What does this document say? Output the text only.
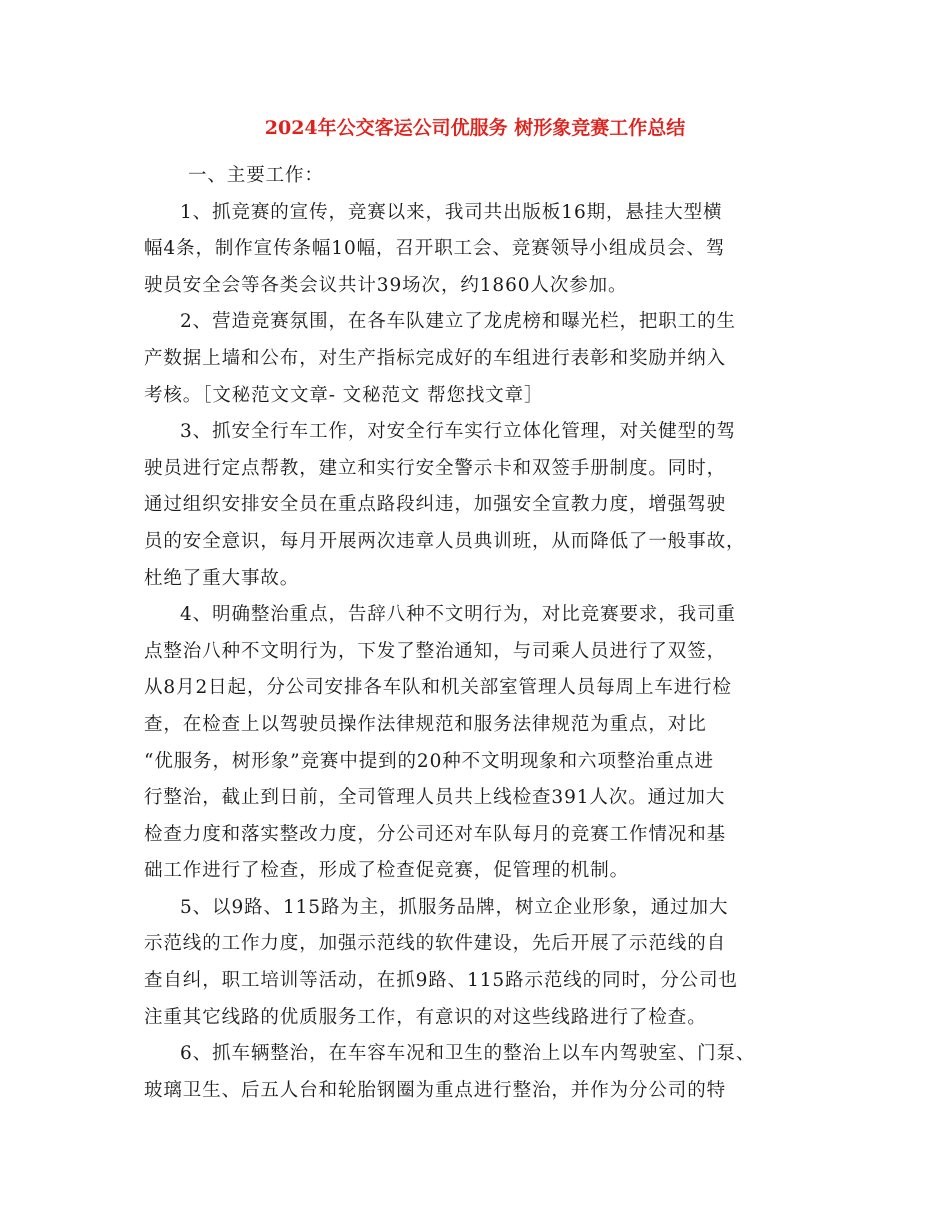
2024年公交客运公司优服务 树形象竞赛工作总结
一、主要工作：
1、抓竞赛的宣传，竞赛以来，我司共出版板16期，悬挂大型横
幅4条，制作宣传条幅10幅，召开职工会、竞赛领导小组成员会、驾
驶员安全会等各类会议共计39场次，约1860人次参加。
2、营造竞赛氛围，在各车队建立了龙虎榜和曝光栏，把职工的生
产数据上墙和公布，对生产指标完成好的车组进行表彰和奖励并纳入
考核。［文秘范文文章- 文秘范文 帮您找文章］
3、抓安全行车工作，对安全行车实行立体化管理，对关健型的驾
驶员进行定点帮教，建立和实行安全警示卡和双签手册制度。同时，
通过组织安排安全员在重点路段纠违，加强安全宣教力度，增强驾驶
员的安全意识，每月开展两次违章人员典训班，从而降低了一般事故，
杜绝了重大事故。
4、明确整治重点，告辞八种不文明行为，对比竞赛要求，我司重
点整治八种不文明行为，下发了整治通知，与司乘人员进行了双签，
从8月2日起，分公司安排各车队和机关部室管理人员每周上车进行检
查，在检查上以驾驶员操作法律规范和服务法律规范为重点，对比
“优服务，树形象”竞赛中提到的20种不文明现象和六项整治重点进
行整治，截止到日前，全司管理人员共上线检查391人次。通过加大
检查力度和落实整改力度，分公司还对车队每月的竞赛工作情况和基
础工作进行了检查，形成了检查促竞赛，促管理的机制。
5、以9路、115路为主，抓服务品牌，树立企业形象，通过加大
示范线的工作力度，加强示范线的软件建设，先后开展了示范线的自
查自纠，职工培训等活动，在抓9路、115路示范线的同时，分公司也
注重其它线路的优质服务工作，有意识的对这些线路进行了检查。
6、抓车辆整治，在车容车况和卫生的整治上以车内驾驶室、门泵、
玻璃卫生、后五人台和轮胎钢圈为重点进行整治，并作为分公司的特
